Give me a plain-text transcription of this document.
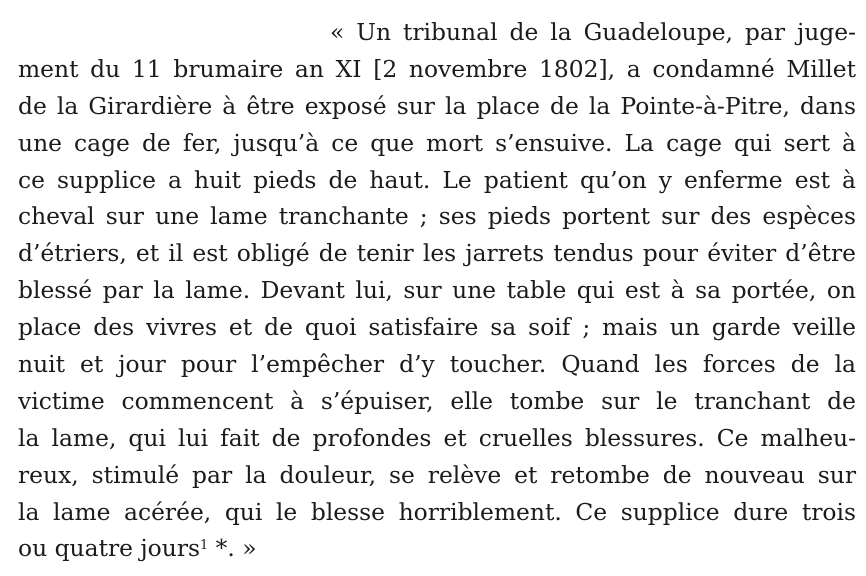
« Un tribunal de la Guadeloupe, par juge-
ment du 11 brumaire an XI [2 novembre 1802], a condamné Millet
de la Girardière à être exposé sur la place de la Pointe-à-Pitre, dans
une cage de fer, jusqu’à ce que mort s’ensuive. La cage qui sert à
ce supplice a huit pieds de haut. Le patient qu’on y enferme est à
cheval sur une lame tranchante ; ses pieds portent sur des espèces
d’étriers, et il est obligé de tenir les jarrets tendus pour éviter d’être
blessé par la lame. Devant lui, sur une table qui est à sa portée, on
place des vivres et de quoi satisfaire sa soif ; mais un garde veille
nuit et jour pour l’empêcher d’y toucher. Quand les forces de la
victime commencent à s’épuiser, elle tombe sur le tranchant de
la lame, qui lui fait de profondes et cruelles blessures. Ce malheu-
reux, stimulé par la douleur, se relève et retombe de nouveau sur
la lame acérée, qui le blesse horriblement. Ce supplice dure trois
ou quatre jours$^1$ *. »
